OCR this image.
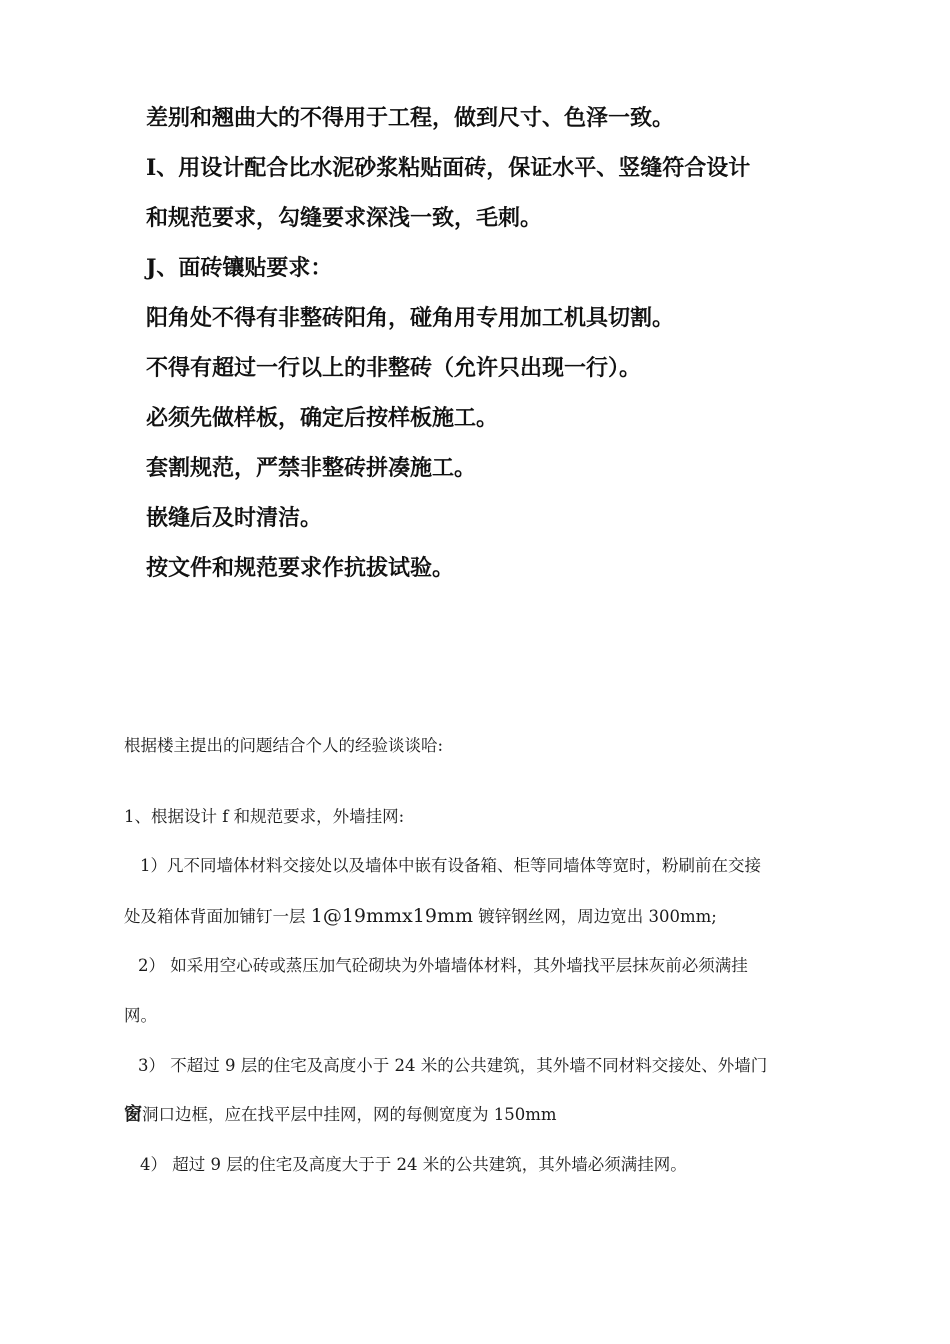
差别和翘曲大的不得用于工程，做到尺寸、色泽一致。
I、用设计配合比水泥砂浆粘贴面砖，保证水平、竖缝符合设计
和规范要求，勾缝要求深浅一致，毛刺。
J、面砖镶贴要求：
阳角处不得有非整砖阳角，碰角用专用加工机具切割。
不得有超过一行以上的非整砖（允许只出现一行）。
必须先做样板，确定后按样板施工。
套割规范，严禁非整砖拼凑施工。
嵌缝后及时清洁。
按文件和规范要求作抗拔试验。
根据楼主提出的问题结合个人的经验谈谈哈:
1、根据设计 f 和规范要求，外墙挂网:
1）凡不同墙体材料交接处以及墙体中嵌有设备箱、柜等同墙体等宽时，粉刷前在交接
处及箱体背面加铺钉一层 1@19mmx19mm 镀锌钢丝网，周边宽出 300mm;
2） 如采用空心砖或蒸压加气砼砌块为外墙墙体材料，其外墙找平层抹灰前必须满挂
网。
3） 不超过 9 层的住宅及高度小于 24 米的公共建筑，其外墙不同材料交接处、外墙门
窗洞口边框，应在找平层中挂网，网的每侧宽度为 150mm
4） 超过 9 层的住宅及高度大于于 24 米的公共建筑，其外墙必须满挂网。
